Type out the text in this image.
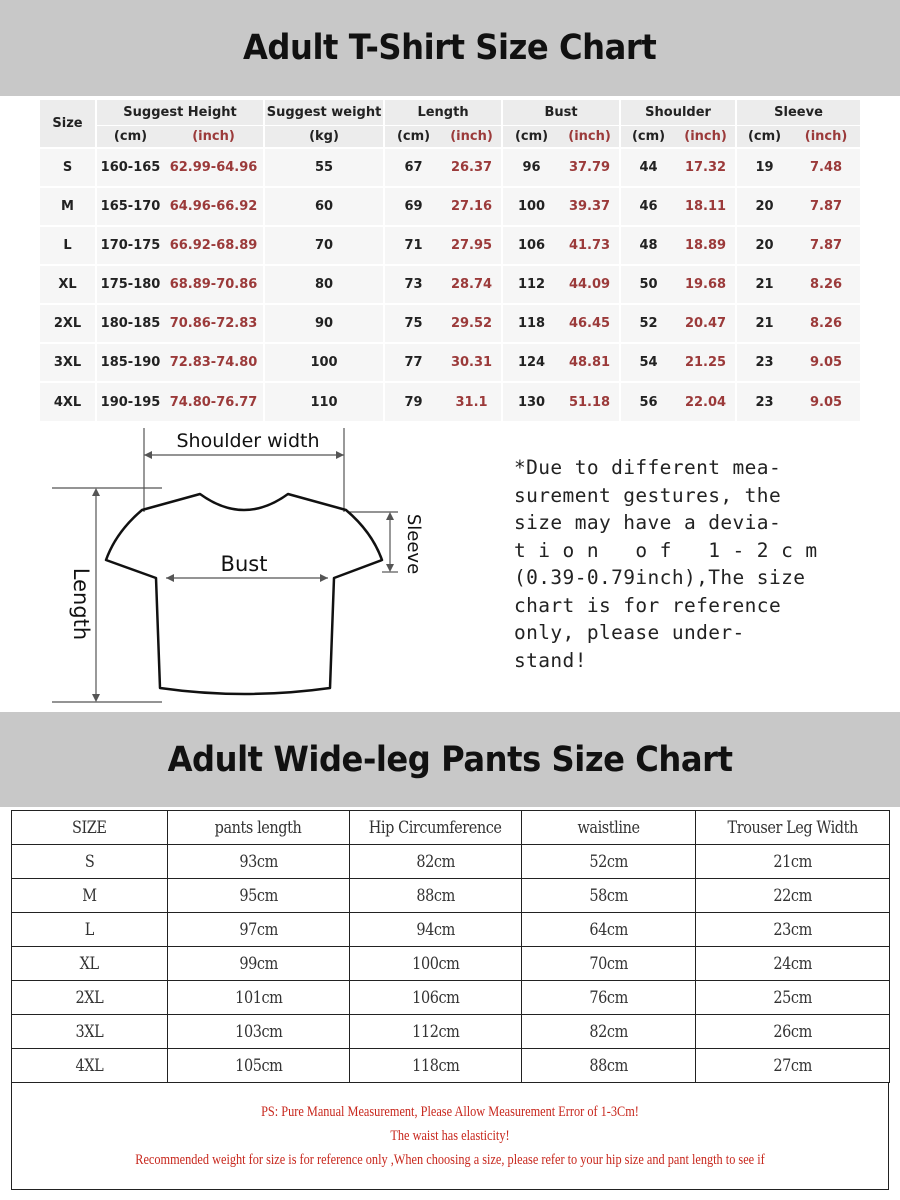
Adult T-Shirt Size Chart
Size	Suggest Height		Suggest weight	Length		Bust		Shoulder		Sleeve	
	(cm)	(inch)	(kg)	(cm)	(inch)	(cm)	(inch)	(cm)	(inch)	(cm)	(inch)
S	160-165	62.99-64.96	55	67	26.37	96	37.79	44	17.32	19	7.48
M	165-170	64.96-66.92	60	69	27.16	100	39.37	46	18.11	20	7.87
L	170-175	66.92-68.89	70	71	27.95	106	41.73	48	18.89	20	7.87
XL	175-180	68.89-70.86	80	73	28.74	112	44.09	50	19.68	21	8.26
2XL	180-185	70.86-72.83	90	75	29.52	118	46.45	52	20.47	21	8.26
3XL	185-190	72.83-74.80	100	77	30.31	124	48.81	54	21.25	23	9.05
4XL	190-195	74.80-76.77	110	79	31.1	130	51.18	56	22.04	23	9.05
Shoulder width
Bust
Length
Sleeve
*Due to different mea-
surement gestures, the
size may have a devia-
t i o n   o f   1 - 2 c m
(0.39-0.79inch),The size
chart is for reference
only, please under-
stand!
Adult Wide-leg Pants Size Chart
SIZE	pants length	Hip Circumference	waistline	Trouser Leg Width
S	93cm	82cm	52cm	21cm
M	95cm	88cm	58cm	22cm
L	97cm	94cm	64cm	23cm
XL	99cm	100cm	70cm	24cm
2XL	101cm	106cm	76cm	25cm
3XL	103cm	112cm	82cm	26cm
4XL	105cm	118cm	88cm	27cm
PS: Pure Manual Measurement, Please Allow Measurement Error of 1-3Cm!
The waist has elasticity!
Recommended weight for size is for reference only ,When choosing a size, please refer to your hip size and pant length to see if
